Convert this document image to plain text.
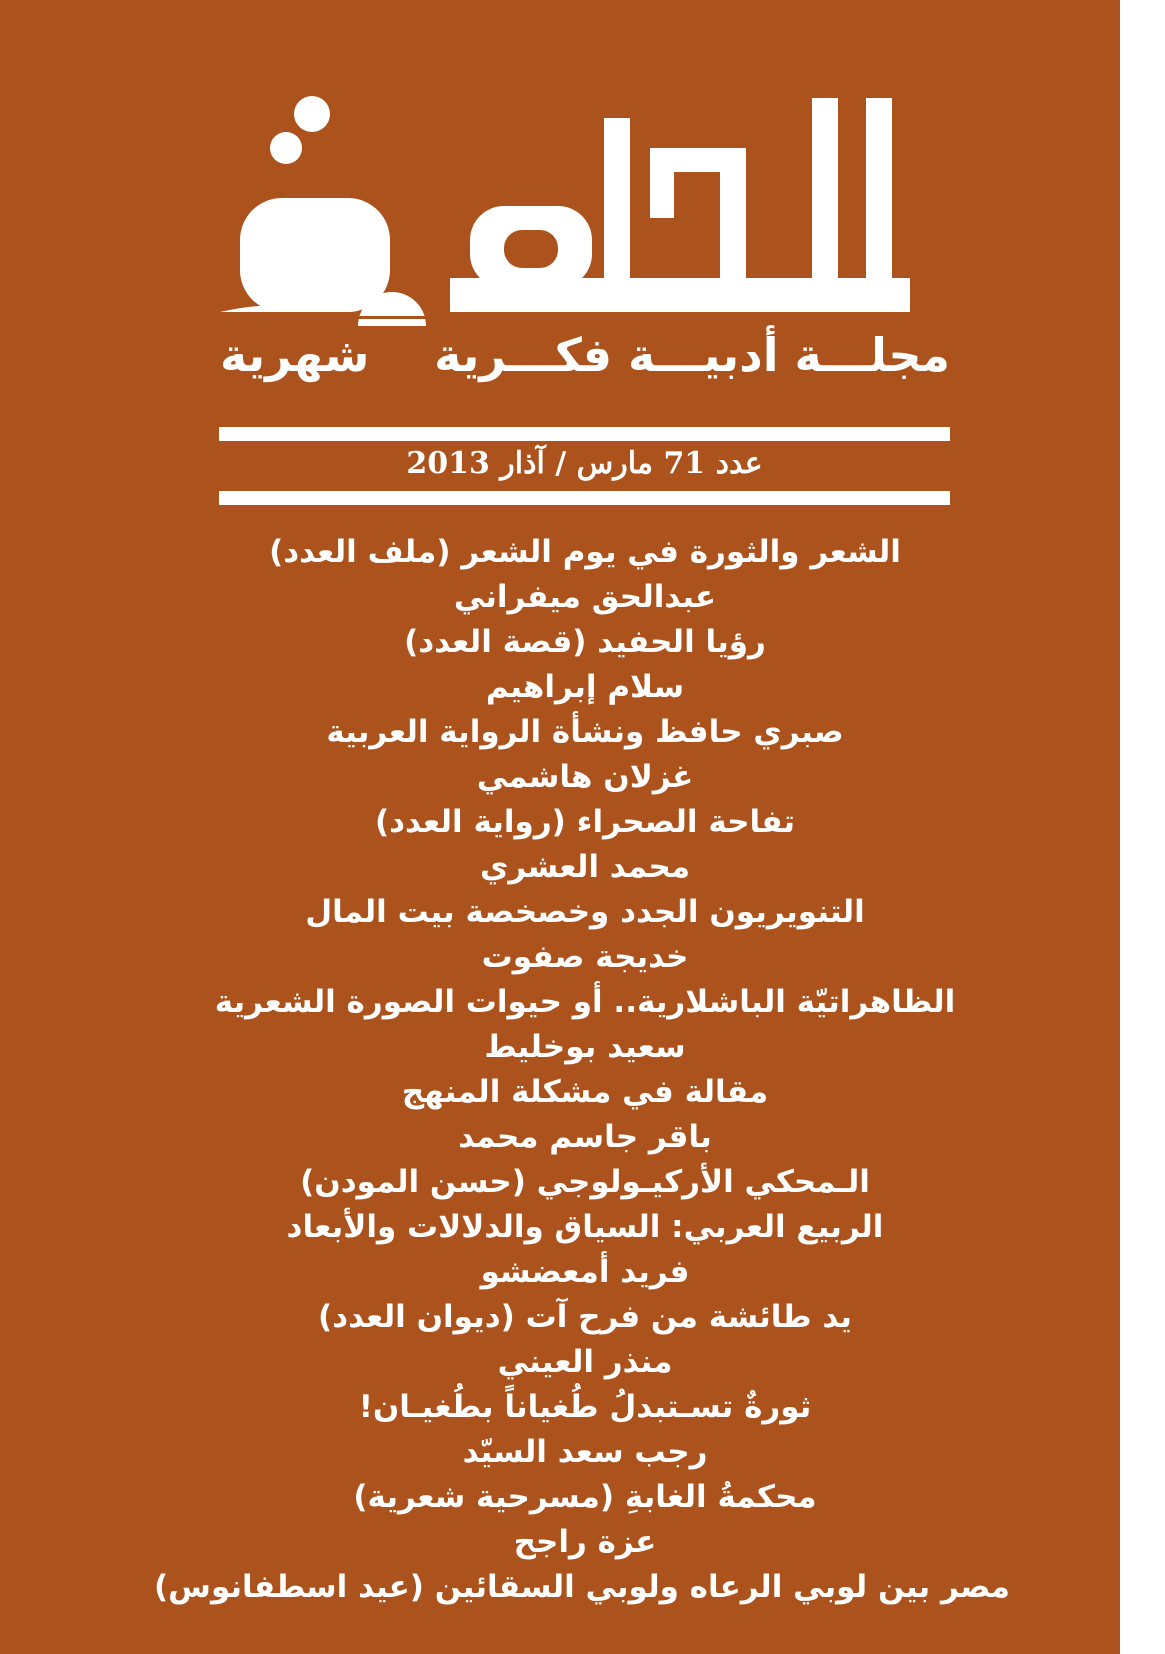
مجلـــة أدبيـــة فكـــرية
شهرية
عدد 71 مارس / آذار 2013
الشعر والثورة في يوم الشعر (ملف العدد)
عبدالحق ميفراني
رؤيا الحفيد (قصة العدد)
سلام إبراهيم
صبري حافظ ونشأة الرواية العربية
غزلان هاشمي
تفاحة الصحراء (رواية العدد)
محمد العشري
التنويريون الجدد وخصخصة بيت المال
خديجة صفوت
الظاهراتيّة الباشلارية.. أو حيوات الصورة الشعرية
سعيد بوخليط
مقالة في مشكلة المنهج
باقر جاسم محمد
الـمحكي الأركيـولوجي (حسن المودن)
الربيع العربي: السياق والدلالات والأبعاد
فريد أمعضشو
يد طائشة من فرح آت (ديوان العدد)
منذر العيني
ثورةٌ تسـتبدلُ طُغياناً بطُغيـان!
رجب سعد السيّد
محكمةُ الغابةِ (مسرحية شعرية)
عزة راجح
مصر بين لوبي الرعاه ولوبي السقائين (عيد اسطفانوس)
